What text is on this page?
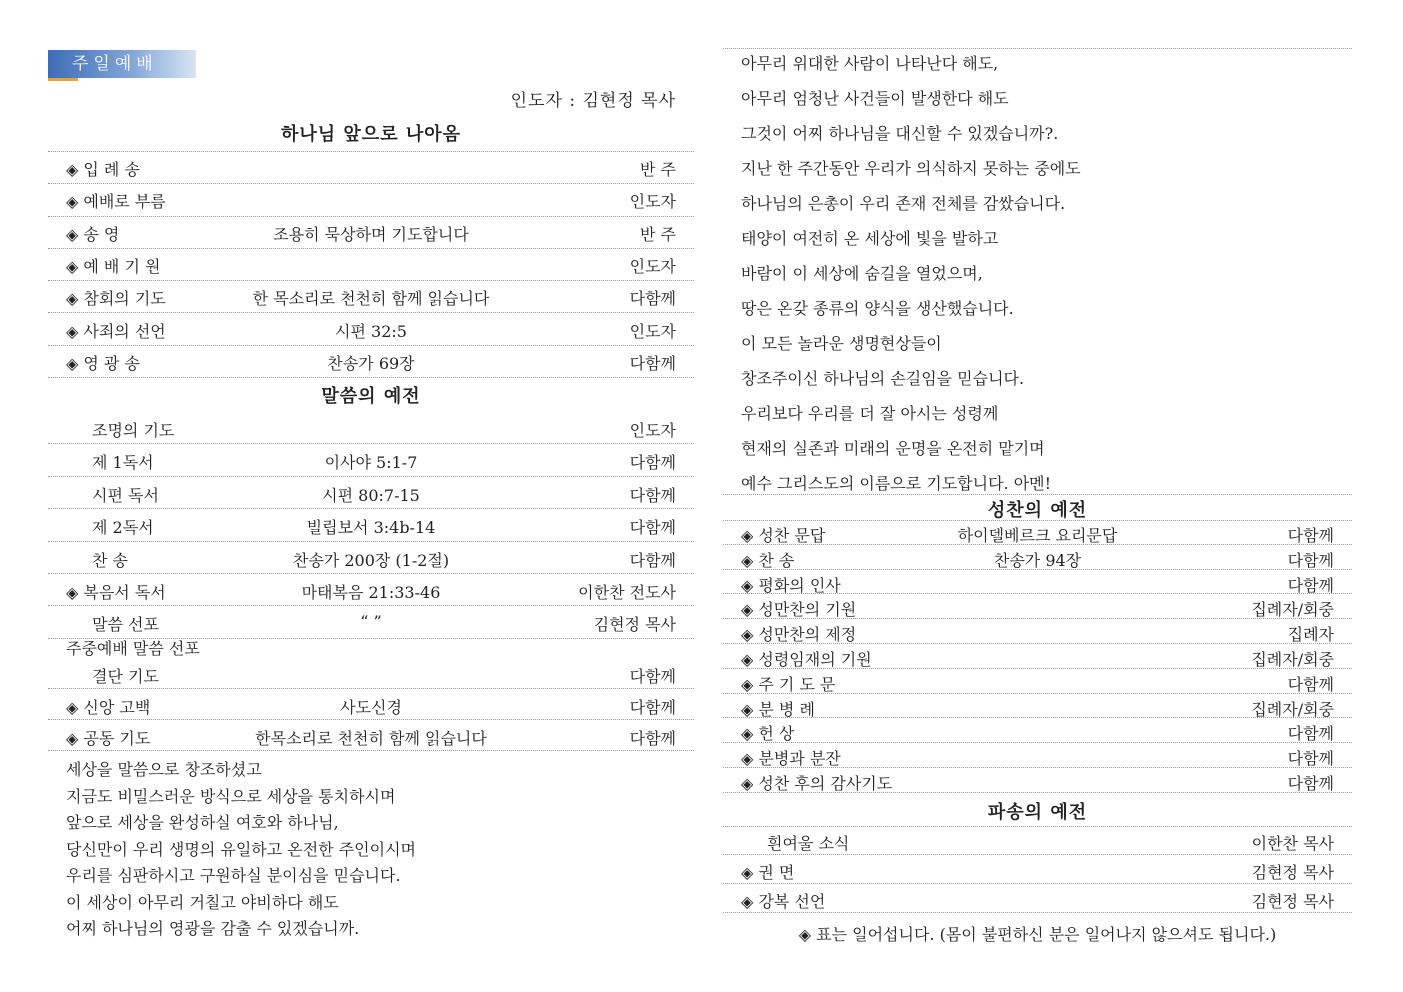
주일예배
인도자 : 김현정 목사
하나님 앞으로 나아옴
◈ 입 례 송	반 주
◈ 예배로 부름	인도자
◈ 송 영	조용히 묵상하며 기도합니다	반 주
◈ 예 배 기 원	인도자
◈ 참회의 기도	한 목소리로 천천히 함께 읽습니다	다함께
◈ 사죄의 선언	시편 32:5	인도자
◈ 영 광 송	찬송가 69장	다함께
말씀의 예전
조명의 기도	인도자
제 1독서	이사야 5:1-7	다함께
시편 독서	시편 80:7-15	다함께
제 2독서	빌립보서 3:4b-14	다함께
찬 송	찬송가 200장 (1-2절)	다함께
◈ 복음서 독서	마태복음 21:33-46	이한찬 전도사
말씀 선포	“ ”	김현정 목사
주중예배 말씀 선포
결단 기도	다함께
◈ 신앙 고백	사도신경	다함께
◈ 공동 기도	한목소리로 천천히 함께 읽습니다	다함께
세상을 말씀으로 창조하셨고
지금도 비밀스러운 방식으로 세상을 통치하시며
앞으로 세상을 완성하실 여호와 하나님,
당신만이 우리 생명의 유일하고 온전한 주인이시며
우리를 심판하시고 구원하실 분이심을 믿습니다.
이 세상이 아무리 거칠고 야비하다 해도
어찌 하나님의 영광을 감출 수 있겠습니까.
아무리 위대한 사람이 나타난다 해도,
아무리 엄청난 사건들이 발생한다 해도
그것이 어찌 하나님을 대신할 수 있겠습니까?.
지난 한 주간동안 우리가 의식하지 못하는 중에도
하나님의 은총이 우리 존재 전체를 감쌌습니다.
태양이 여전히 온 세상에 빛을 발하고
바람이 이 세상에 숨길을 열었으며,
땅은 온갖 종류의 양식을 생산했습니다.
이 모든 놀라운 생명현상들이
창조주이신 하나님의 손길임을 믿습니다.
우리보다 우리를 더 잘 아시는 성령께
현재의 실존과 미래의 운명을 온전히 맡기며
예수 그리스도의 이름으로 기도합니다. 아멘!
성찬의 예전
◈ 성찬 문답	하이델베르크 요리문답	다함께
◈ 찬 송	찬송가 94장	다함께
◈ 평화의 인사	다함께
◈ 성만찬의 기원	집례자/회중
◈ 성만찬의 제정	집례자
◈ 성령임재의 기원	집례자/회중
◈ 주 기 도 문	다함께
◈ 분 병 례	집례자/회중
◈ 헌 상	다함께
◈ 분병과 분잔	다함께
◈ 성찬 후의 감사기도	다함께
파송의 예전
흰여울 소식	이한찬 목사
◈ 권 면	김현정 목사
◈ 강복 선언	김현정 목사
◈ 표는 일어섭니다. (몸이 불편하신 분은 일어나지 않으셔도 됩니다.)
